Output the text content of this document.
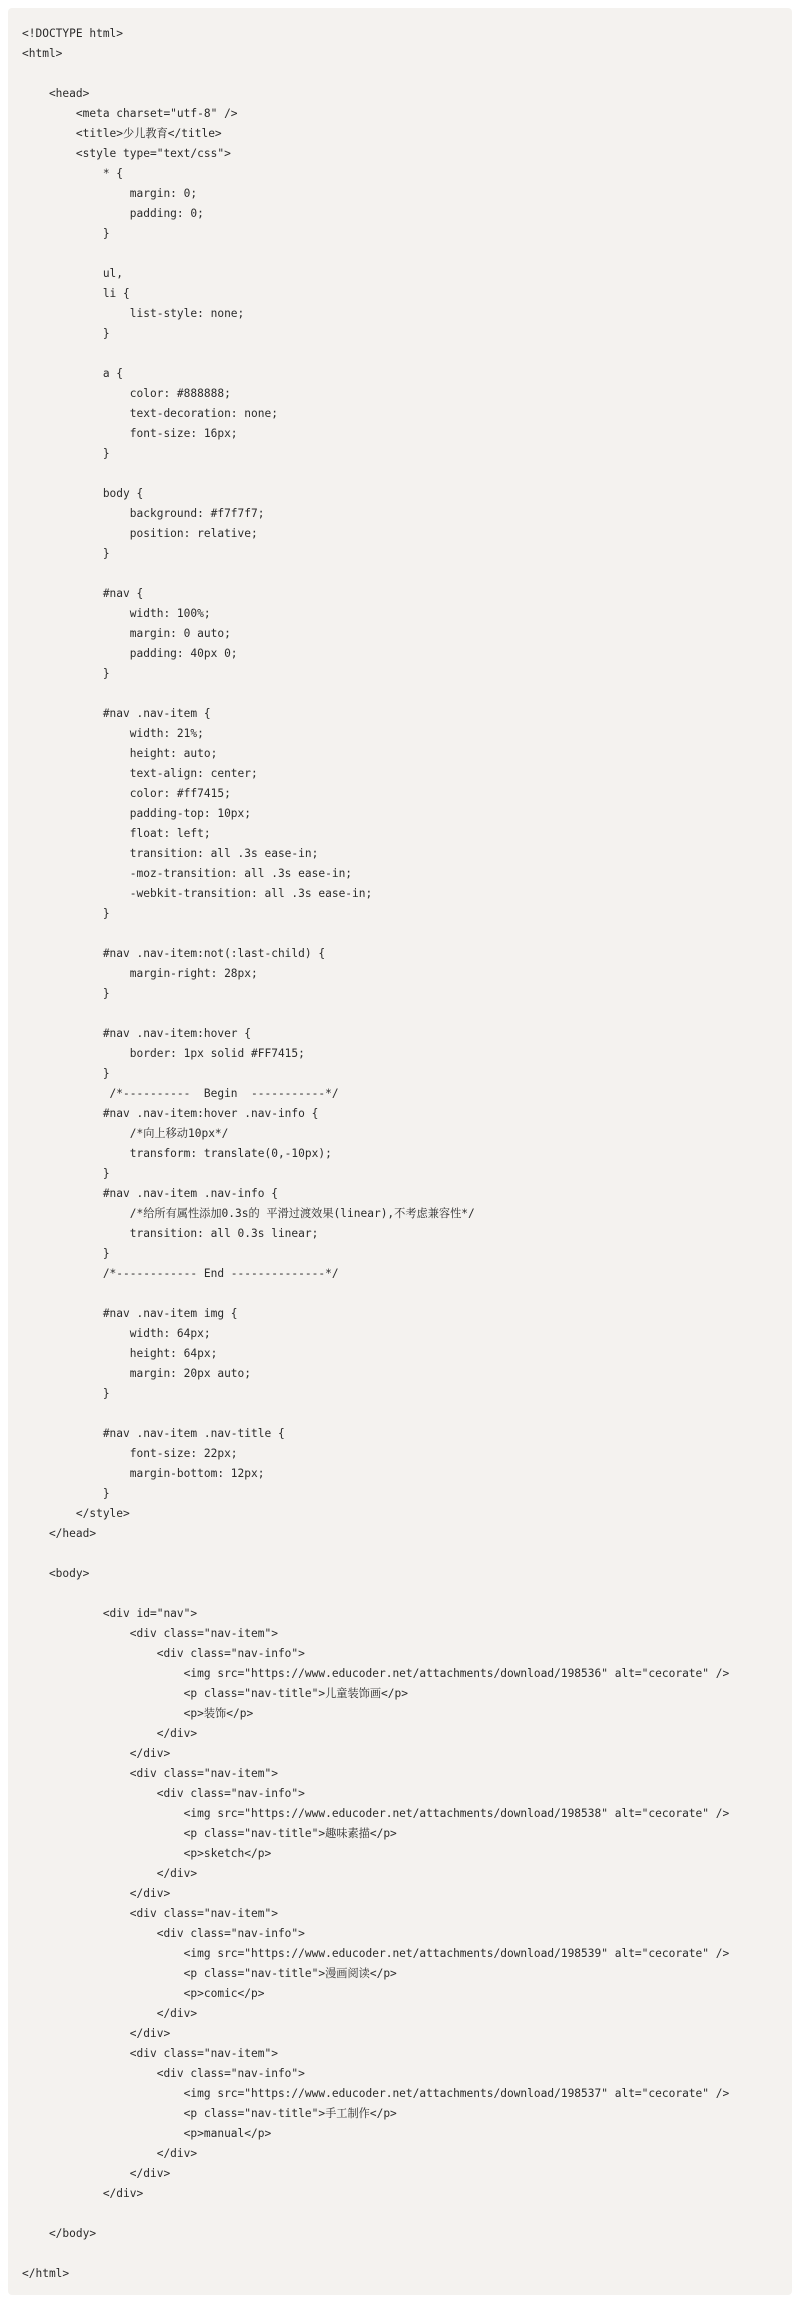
<!DOCTYPE html>
<html>
<head>
<meta charset="utf-8" />
<title>少儿教育</title>
<style type="text/css">
* {
margin: 0;
padding: 0;
}
ul,
li {
list-style: none;
}
a {
color: #888888;
text-decoration: none;
font-size: 16px;
}
body {
background: #f7f7f7;
position: relative;
}
#nav {
width: 100%;
margin: 0 auto;
padding: 40px 0;
}
#nav .nav-item {
width: 21%;
height: auto;
text-align: center;
color: #ff7415;
padding-top: 10px;
float: left;
transition: all .3s ease-in;
-moz-transition: all .3s ease-in;
-webkit-transition: all .3s ease-in;
}
#nav .nav-item:not(:last-child) {
margin-right: 28px;
}
#nav .nav-item:hover {
border: 1px solid #FF7415;
}
/*----------  Begin  -----------*/
#nav .nav-item:hover .nav-info {
/*向上移动10px*/
transform: translate(0,-10px);
}
#nav .nav-item .nav-info {
/*给所有属性添加0.3s的 平滑过渡效果(linear),不考虑兼容性*/
transition: all 0.3s linear;
}
/*------------ End --------------*/
#nav .nav-item img {
width: 64px;
height: 64px;
margin: 20px auto;
}
#nav .nav-item .nav-title {
font-size: 22px;
margin-bottom: 12px;
}
</style>
</head>
<body>
<div id="nav">
<div class="nav-item">
<div class="nav-info">
<img src="https://www.educoder.net/attachments/download/198536" alt="cecorate" />
<p class="nav-title">儿童装饰画</p>
<p>装饰</p>
</div>
</div>
<div class="nav-item">
<div class="nav-info">
<img src="https://www.educoder.net/attachments/download/198538" alt="cecorate" />
<p class="nav-title">趣味素描</p>
<p>sketch</p>
</div>
</div>
<div class="nav-item">
<div class="nav-info">
<img src="https://www.educoder.net/attachments/download/198539" alt="cecorate" />
<p class="nav-title">漫画阅读</p>
<p>comic</p>
</div>
</div>
<div class="nav-item">
<div class="nav-info">
<img src="https://www.educoder.net/attachments/download/198537" alt="cecorate" />
<p class="nav-title">手工制作</p>
<p>manual</p>
</div>
</div>
</div>
</body>
</html>
